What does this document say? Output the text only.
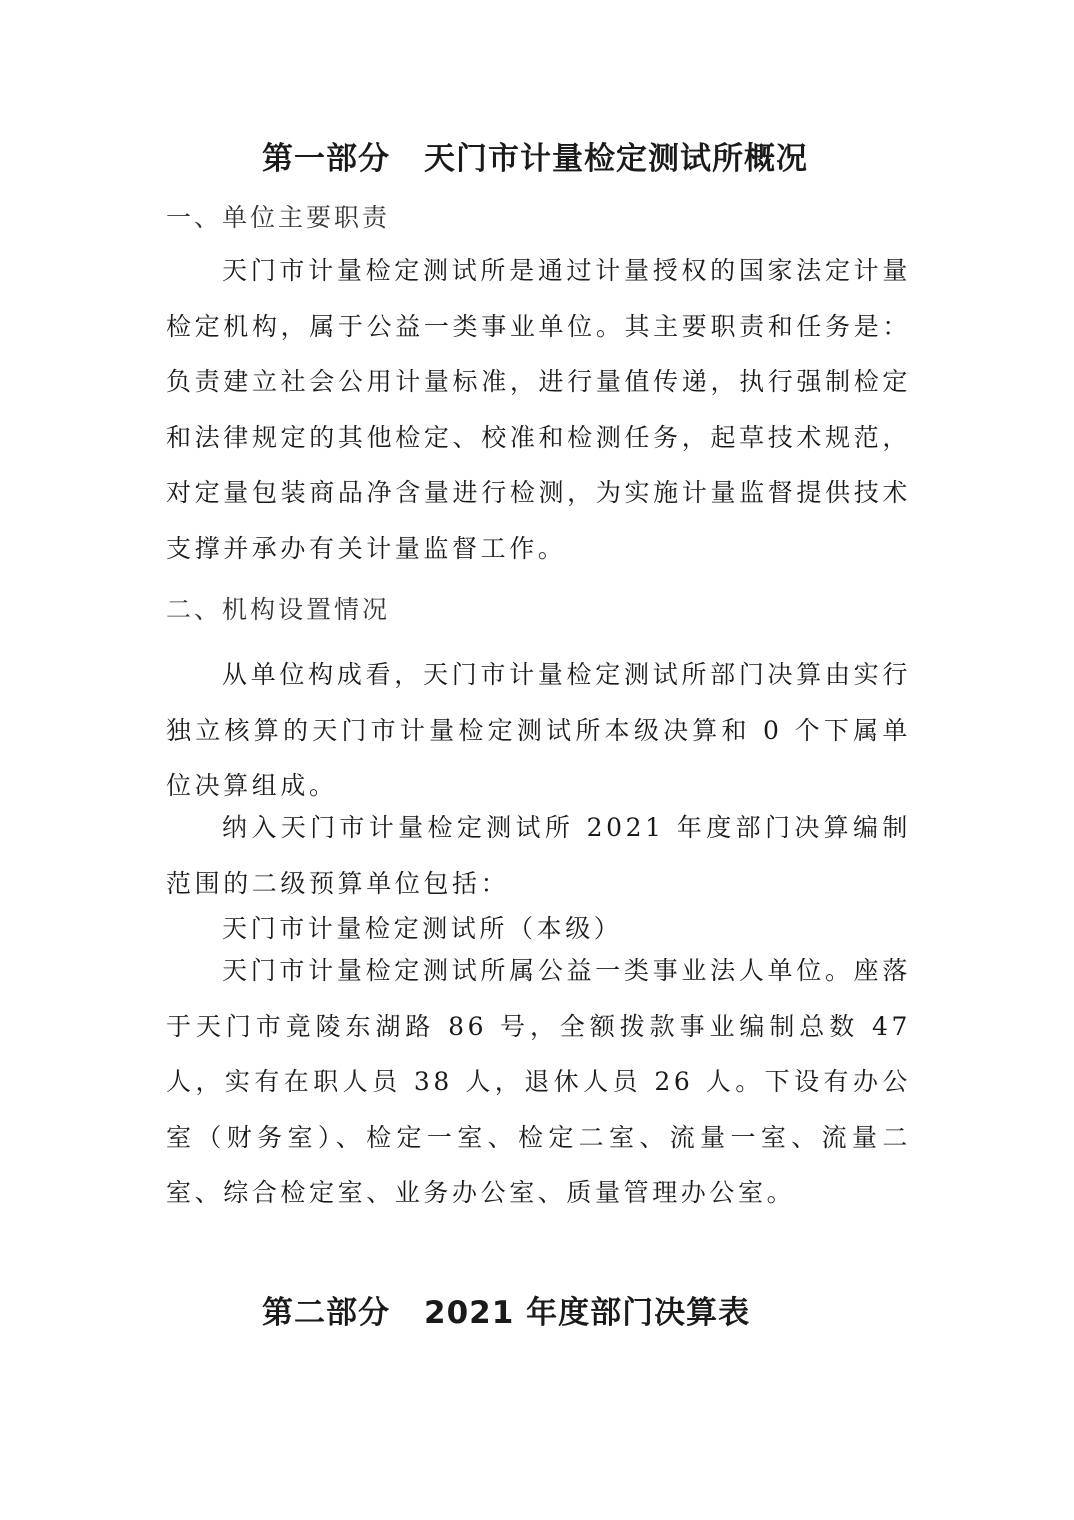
第一部分 天门市计量检定测试所概况
一、单位主要职责

天门市计量检定测试所是通过计量授权的国家法定计量检定机构，属于公益一类事业单位。其主要职责和任务是：负责建立社会公用计量标准，进行量值传递，执行强制检定和法律规定的其他检定、校准和检测任务，起草技术规范，对定量包装商品净含量进行检测，为实施计量监督提供技术支撑并承办有关计量监督工作。

二、机构设置情况

从单位构成看，天门市计量检定测试所部门决算由实行独立核算的天门市计量检定测试所本级决算和 0 个下属单位决算组成。

纳入天门市计量检定测试所 2021 年度部门决算编制范围的二级预算单位包括：

天门市计量检定测试所（本级）

天门市计量检定测试所属公益一类事业法人单位。座落于天门市竟陵东湖路 86 号，全额拨款事业编制总数 47 人，实有在职人员 38 人，退休人员 26 人。下设有办公室（财务室）、检定一室、检定二室、流量一室、流量二室、综合检定室、业务办公室、质量管理办公室。

第二部分 2021 年度部门决算表
